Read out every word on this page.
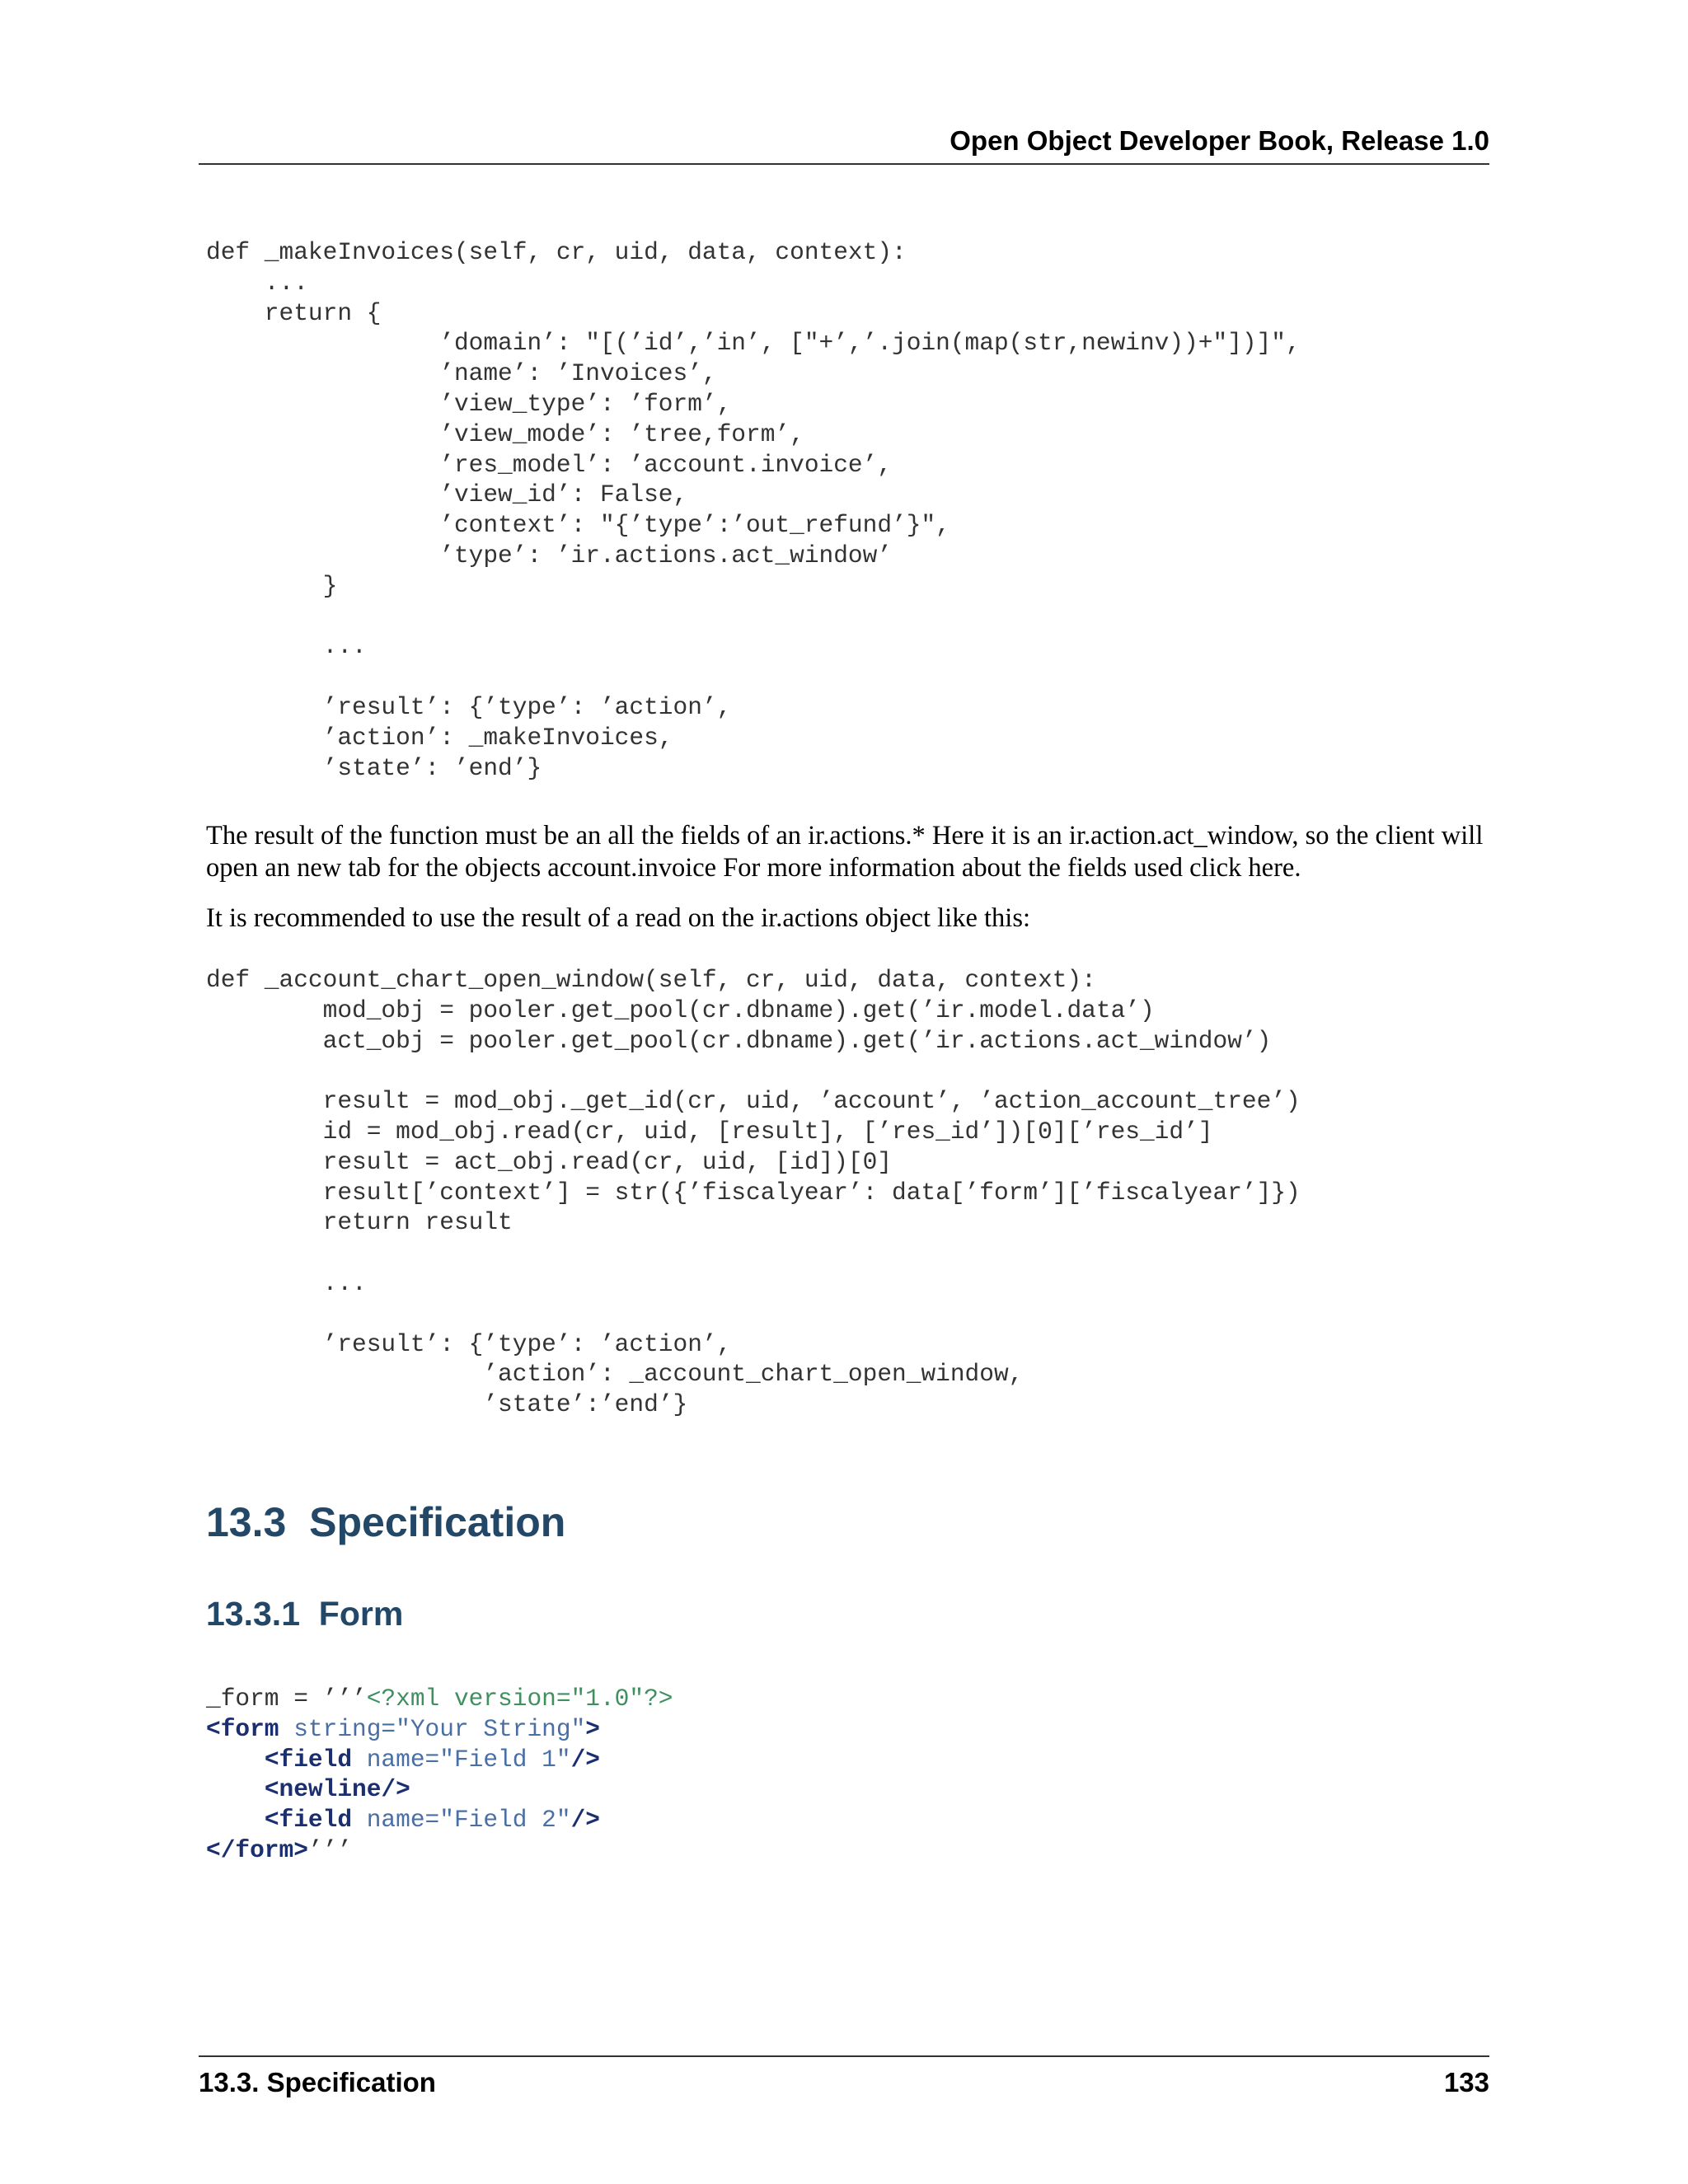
Open Object Developer Book, Release 1.0
def _makeInvoices(self, cr, uid, data, context):
...
return {
’domain’: "[(’id’,’in’, ["+’,’.join(map(str,newinv))+"])]",
’name’: ’Invoices’,
’view_type’: ’form’,
’view_mode’: ’tree,form’,
’res_model’: ’account.invoice’,
’view_id’: False,
’context’: "{’type’:’out_refund’}",
’type’: ’ir.actions.act_window’
}

...

’result’: {’type’: ’action’,
’action’: _makeInvoices,
’state’: ’end’}

The result of the function must be an all the fields of an ir.actions.* Here it is an ir.action.act_window, so the client will open an new tab for the objects account.invoice For more information about the fields used click here.

It is recommended to use the result of a read on the ir.actions object like this:

def _account_chart_open_window(self, cr, uid, data, context):
mod_obj = pooler.get_pool(cr.dbname).get(’ir.model.data’)
act_obj = pooler.get_pool(cr.dbname).get(’ir.actions.act_window’)

result = mod_obj._get_id(cr, uid, ’account’, ’action_account_tree’)
id = mod_obj.read(cr, uid, [result], [’res_id’])[0][’res_id’]
result = act_obj.read(cr, uid, [id])[0]
result[’context’] = str({’fiscalyear’: data[’form’][’fiscalyear’]})
return result

...

’result’: {’type’: ’action’,
’action’: _account_chart_open_window,
’state’:’end’}
13.3 Specification
13.3.1 Form
_form = ’’’<?xml version="1.0"?>
<form string="Your String">
<field name="Field 1"/>
<newline/>
<field name="Field 2"/>
</form>’’’
13.3. Specification	133
